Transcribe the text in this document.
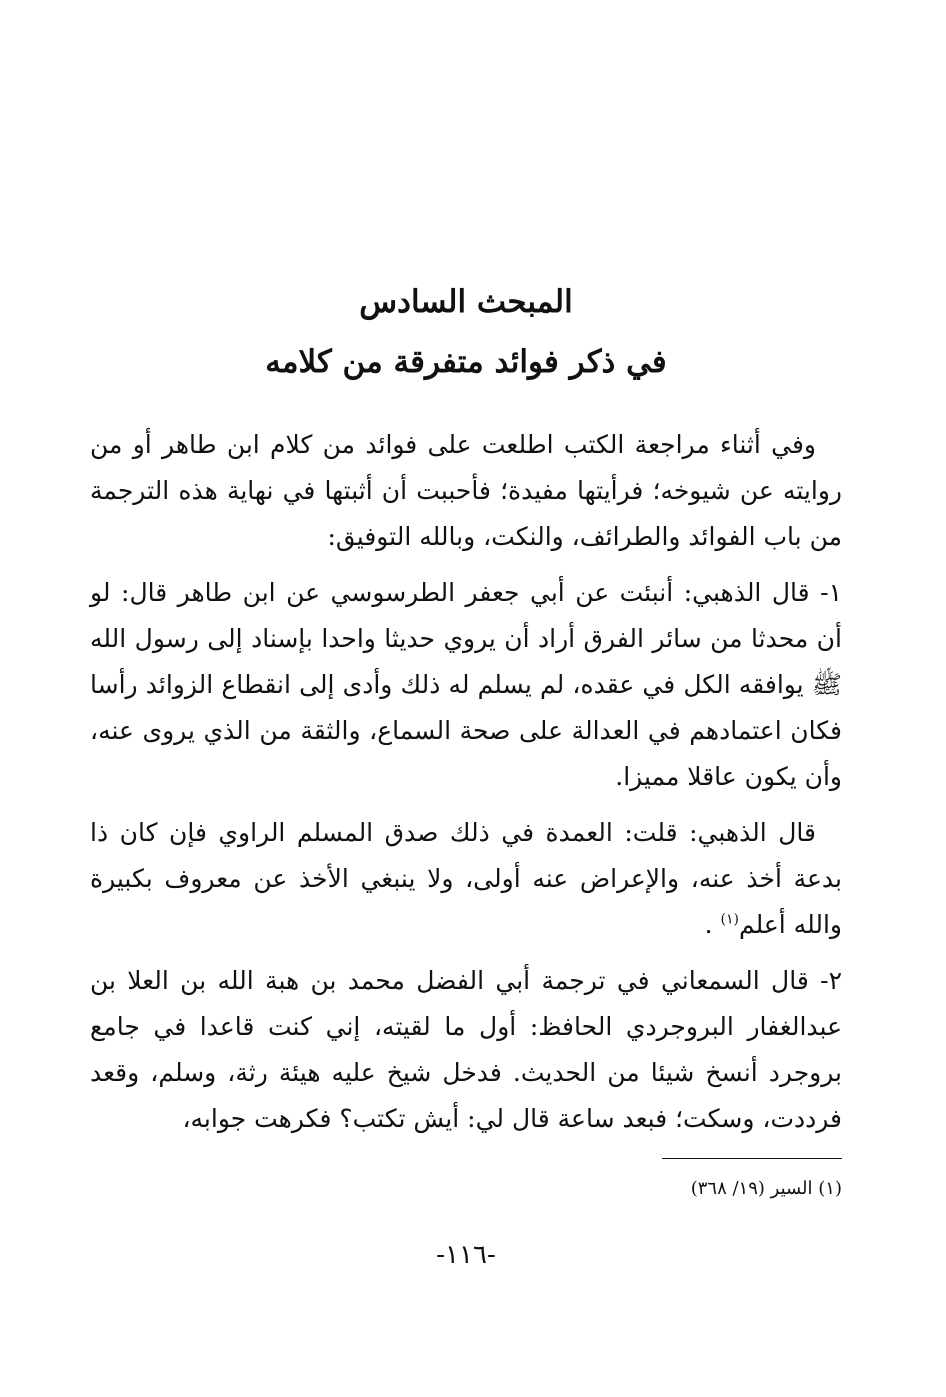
المبحث السادس
في ذكر فوائد متفرقة من كلامه

وفي أثناء مراجعة الكتب اطلعت على فوائد من كلام ابن طاهر أو من روايته عن شيوخه؛ فرأيتها مفيدة؛ فأحببت أن أثبتها في نهاية هذه الترجمة من باب الفوائد والطرائف، والنكت، وبالله التوفيق:

١- قال الذهبي: أنبئت عن أبي جعفر الطرسوسي عن ابن طاهر قال: لو أن محدثا من سائر الفرق أراد أن يروي حديثا واحدا بإسناد إلى رسول الله ﷺ يوافقه الكل في عقده، لم يسلم له ذلك وأدى إلى انقطاع الزوائد رأسا فكان اعتمادهم في العدالة على صحة السماع، والثقة من الذي يروى عنه، وأن يكون عاقلا مميزا.

قال الذهبي: قلت: العمدة في ذلك صدق المسلم الراوي فإن كان ذا بدعة أخذ عنه، والإعراض عنه أولى، ولا ينبغي الأخذ عن معروف بكبيرة والله أعلم$^{(١)}$ .

٢- قال السمعاني في ترجمة أبي الفضل محمد بن هبة الله بن العلا بن عبدالغفار البروجردي الحافظ: أول ما لقيته، إني كنت قاعدا في جامع بروجرد أنسخ شيئا من الحديث. فدخل شيخ عليه هيئة رثة، وسلم، وقعد فرددت، وسكت؛ فبعد ساعة قال لي: أيش تكتب؟ فكرهت جوابه،

(١) السير (١٩/ ٣٦٨)
-١١٦-
